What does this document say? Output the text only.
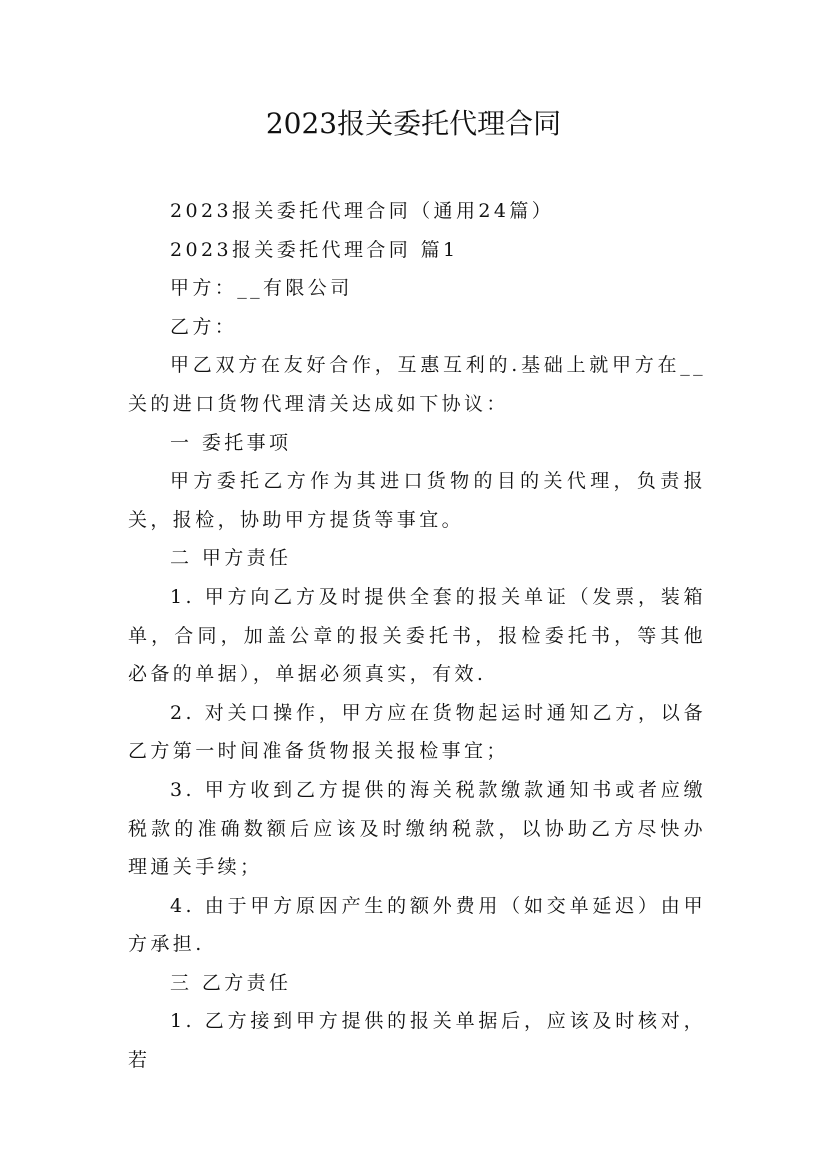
2023报关委托代理合同

2023报关委托代理合同（通用24篇）

2023报关委托代理合同 篇1

甲方：__有限公司

乙方：

甲乙双方在友好合作，互惠互利的.基础上就甲方在__关的进口货物代理清关达成如下协议：

一 委托事项

甲方委托乙方作为其进口货物的目的关代理，负责报关，报检，协助甲方提货等事宜。

二 甲方责任

1. 甲方向乙方及时提供全套的报关单证（发票，装箱单，合同，加盖公章的报关委托书，报检委托书，等其他必备的单据），单据必须真实，有效.

2. 对关口操作，甲方应在货物起运时通知乙方，以备乙方第一时间准备货物报关报检事宜；

3. 甲方收到乙方提供的海关税款缴款通知书或者应缴税款的准确数额后应该及时缴纳税款，以协助乙方尽快办理通关手续；

4. 由于甲方原因产生的额外费用（如交单延迟）由甲方承担.

三 乙方责任

1. 乙方接到甲方提供的报关单据后，应该及时核对，若
